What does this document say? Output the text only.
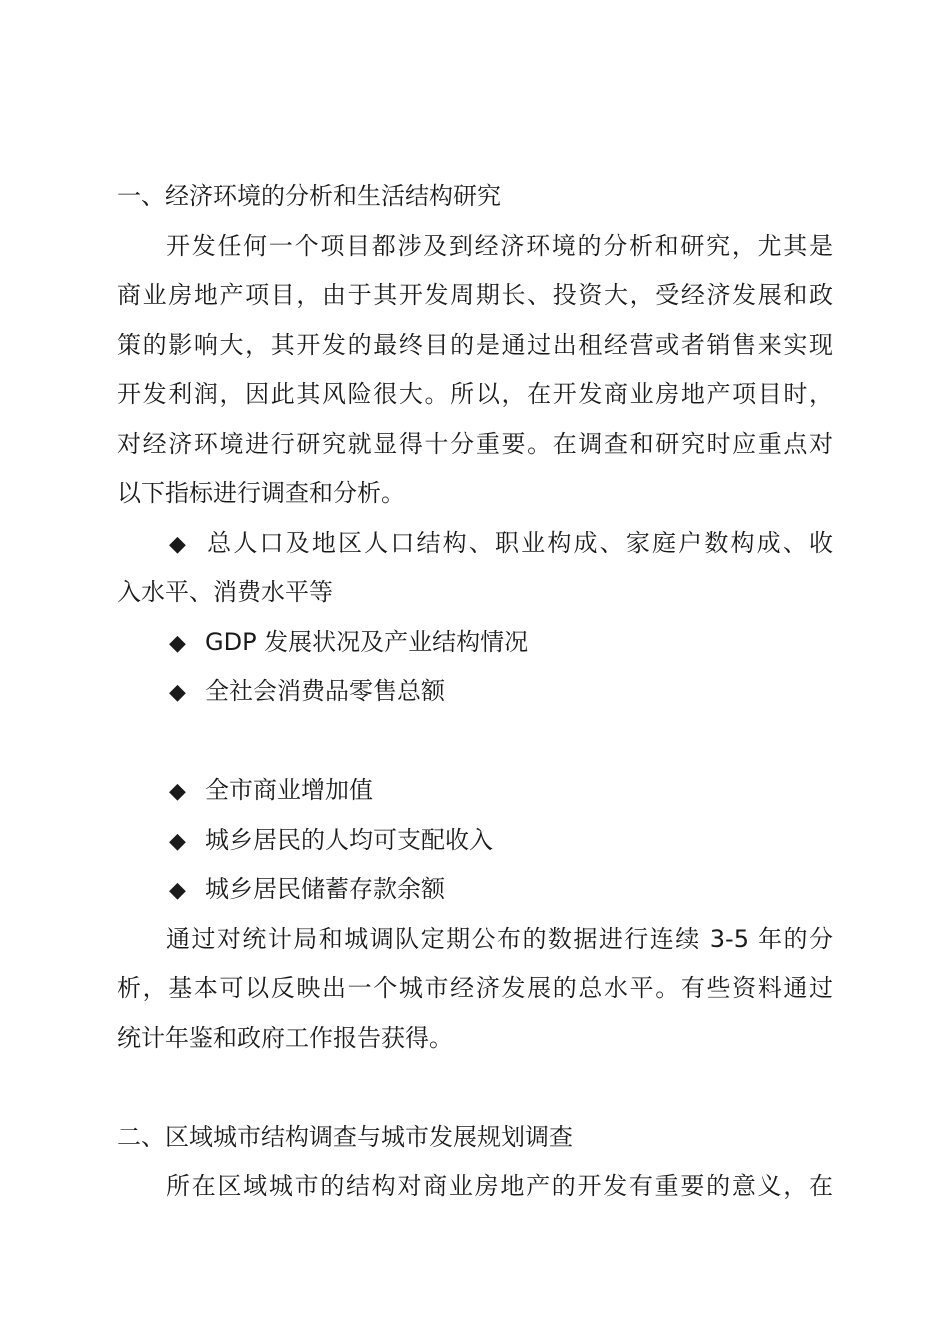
一、经济环境的分析和生活结构研究
开发任何一个项目都涉及到经济环境的分析和研究，尤其是
商业房地产项目，由于其开发周期长、投资大，受经济发展和政
策的影响大，其开发的最终目的是通过出租经营或者销售来实现
开发利润，因此其风险很大。所以，在开发商业房地产项目时，
对经济环境进行研究就显得十分重要。在调查和研究时应重点对
以下指标进行调查和分析。
◆ 总人口及地区人口结构、职业构成、家庭户数构成、收
入水平、消费水平等
◆ GDP 发展状况及产业结构情况
◆ 全社会消费品零售总额
◆ 全市商业增加值
◆ 城乡居民的人均可支配收入
◆ 城乡居民储蓄存款余额
通过对统计局和城调队定期公布的数据进行连续 3-5 年的分
析，基本可以反映出一个城市经济发展的总水平。有些资料通过
统计年鉴和政府工作报告获得。
二、区域城市结构调查与城市发展规划调查
所在区域城市的结构对商业房地产的开发有重要的意义，在
